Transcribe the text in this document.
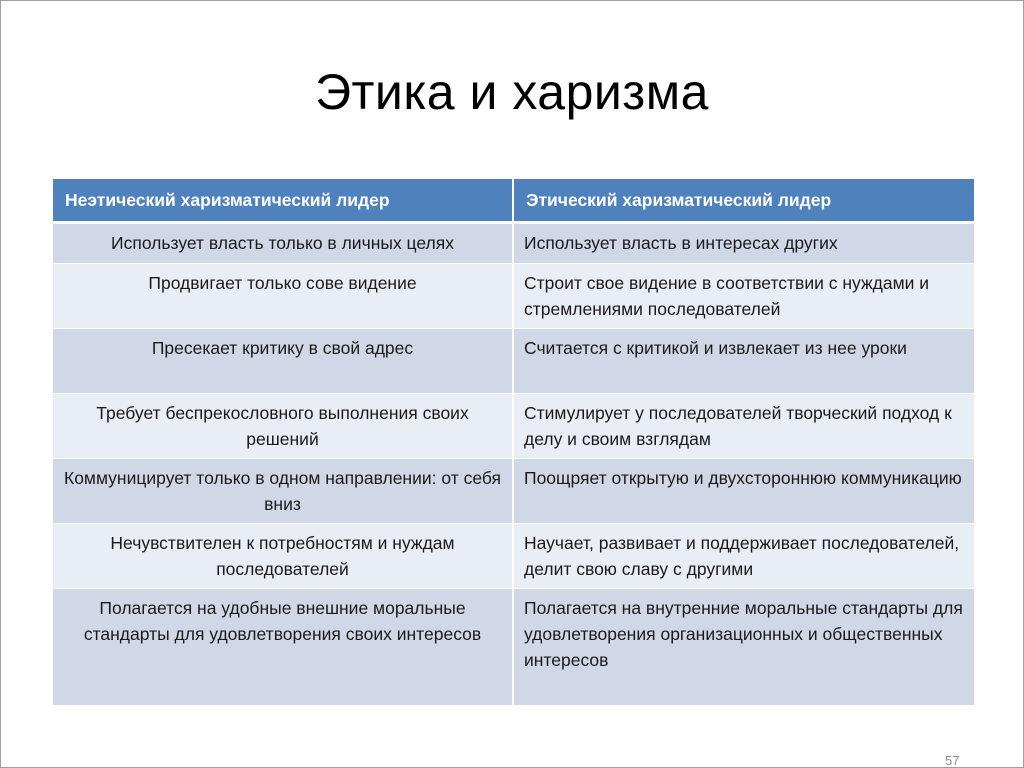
Этика и харизма
Неэтический харизматический лидер	Этический харизматический лидер
Использует власть только в личных целях	Использует власть в интересах других
Продвигает только сове видение	Строит свое видение в соответствии с нуждами и стремлениями последователей
Пресекает критику в свой адрес	Считается с критикой и извлекает из нее уроки
Требует беспрекословного выполнения своих решений	Стимулирует у последователей творческий подход к делу и своим взглядам
Коммуницирует только в одном направлении: от себя вниз	Поощряет открытую и двухстороннюю коммуникацию
Нечувствителен к потребностям и нуждам последователей	Научает, развивает и поддерживает последователей, делит свою славу с другими
Полагается на удобные внешние моральные стандарты для удовлетворения своих интересов	Полагается на внутренние моральные стандарты для удовлетворения организационных и общественных интересов
57
